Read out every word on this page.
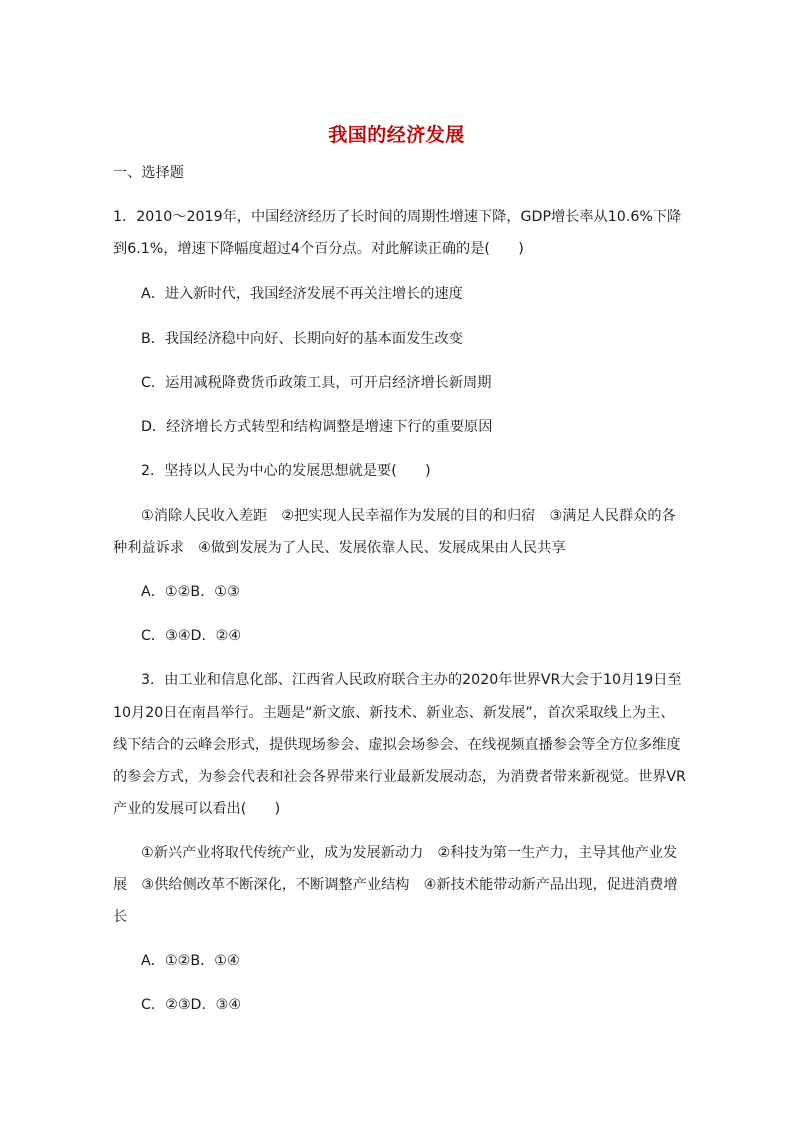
我国的经济发展
一、选择题
1．2010～2019年，中国经济经历了长时间的周期性增速下降，GDP增长率从10.6%下降
到6.1%，增速下降幅度超过4个百分点。对此解读正确的是(　　)
A．进入新时代，我国经济发展不再关注增长的速度
B．我国经济稳中向好、长期向好的基本面发生改变
C．运用减税降费货币政策工具，可开启经济增长新周期
D．经济增长方式转型和结构调整是增速下行的重要原因
2．坚持以人民为中心的发展思想就是要(　　)
①消除人民收入差距　②把实现人民幸福作为发展的目的和归宿　③满足人民群众的各
种利益诉求　④做到发展为了人民、发展依靠人民、发展成果由人民共享
A．①②B．①③
C．③④D．②④
3．由工业和信息化部、江西省人民政府联合主办的2020年世界VR大会于10月19日至
10月20日在南昌举行。主题是“新文旅、新技术、新业态、新发展”，首次采取线上为主、
线下结合的云峰会形式，提供现场参会、虚拟会场参会、在线视频直播参会等全方位多维度
的参会方式，为参会代表和社会各界带来行业最新发展动态，为消费者带来新视觉。世界VR
产业的发展可以看出(　　)
①新兴产业将取代传统产业，成为发展新动力　②科技为第一生产力，主导其他产业发
展　③供给侧改革不断深化，不断调整产业结构　④新技术能带动新产品出现，促进消费增
长
A．①②B．①④
C．②③D．③④
